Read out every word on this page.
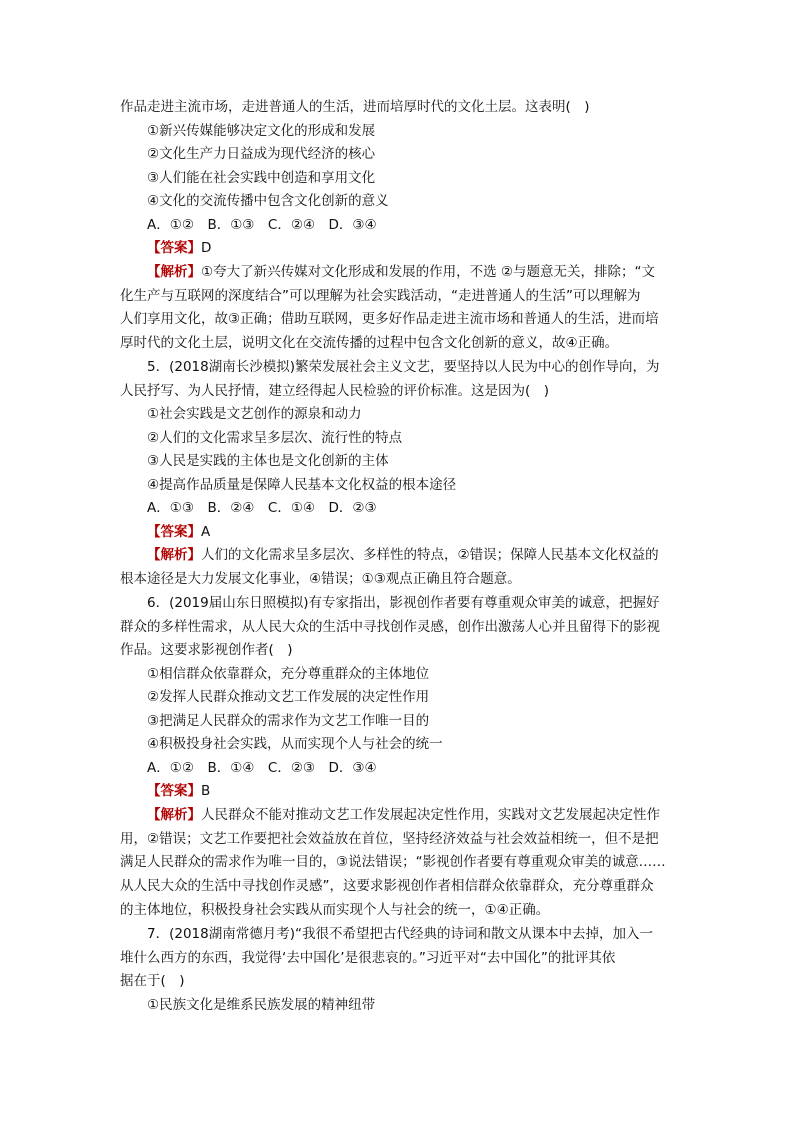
作品走进主流市场，走进普通人的生活，进而培厚时代的文化土层。这表明(　)
①新兴传媒能够决定文化的形成和发展
②文化生产力日益成为现代经济的核心
③人们能在社会实践中创造和享用文化
④文化的交流传播中包含文化创新的意义
A．①②　B．①③　C．②④　D．③④
【答案】D
【解析】①夸大了新兴传媒对文化形成和发展的作用，不选 ②与题意无关，排除；“文
化生产与互联网的深度结合”可以理解为社会实践活动，“走进普通人的生活”可以理解为
人们享用文化，故③正确；借助互联网，更多好作品走进主流市场和普通人的生活，进而培
厚时代的文化土层，说明文化在交流传播的过程中包含文化创新的意义，故④正确。
5．(2018湖南长沙模拟)繁荣发展社会主义文艺，要坚持以人民为中心的创作导向，为
人民抒写、为人民抒情，建立经得起人民检验的评价标准。这是因为(　)
①社会实践是文艺创作的源泉和动力
②人们的文化需求呈多层次、流行性的特点
③人民是实践的主体也是文化创新的主体
④提高作品质量是保障人民基本文化权益的根本途径
A．①③　B．②④　C．①④　D．②③
【答案】A
【解析】人们的文化需求呈多层次、多样性的特点，②错误；保障人民基本文化权益的
根本途径是大力发展文化事业，④错误；①③观点正确且符合题意。
6．(2019届山东日照模拟)有专家指出，影视创作者要有尊重观众审美的诚意，把握好
群众的多样性需求，从人民大众的生活中寻找创作灵感，创作出激荡人心并且留得下的影视
作品。这要求影视创作者(　)
①相信群众依靠群众，充分尊重群众的主体地位
②发挥人民群众推动文艺工作发展的决定性作用
③把满足人民群众的需求作为文艺工作唯一目的
④积极投身社会实践，从而实现个人与社会的统一
A．①②　B．①④　C．②③　D．③④
【答案】B
【解析】人民群众不能对推动文艺工作发展起决定性作用，实践对文艺发展起决定性作
用，②错误；文艺工作要把社会效益放在首位，坚持经济效益与社会效益相统一，但不是把
满足人民群众的需求作为唯一目的，③说法错误；“影视创作者要有尊重观众审美的诚意……
从人民大众的生活中寻找创作灵感”，这要求影视创作者相信群众依靠群众，充分尊重群众
的主体地位，积极投身社会实践从而实现个人与社会的统一，①④正确。
7．(2018湖南常德月考)“我很不希望把古代经典的诗词和散文从课本中去掉，加入一
堆什么西方的东西，我觉得‘去中国化’是很悲哀的。”习近平对“去中国化”的批评其依
据在于(　)
①民族文化是维系民族发展的精神纽带
